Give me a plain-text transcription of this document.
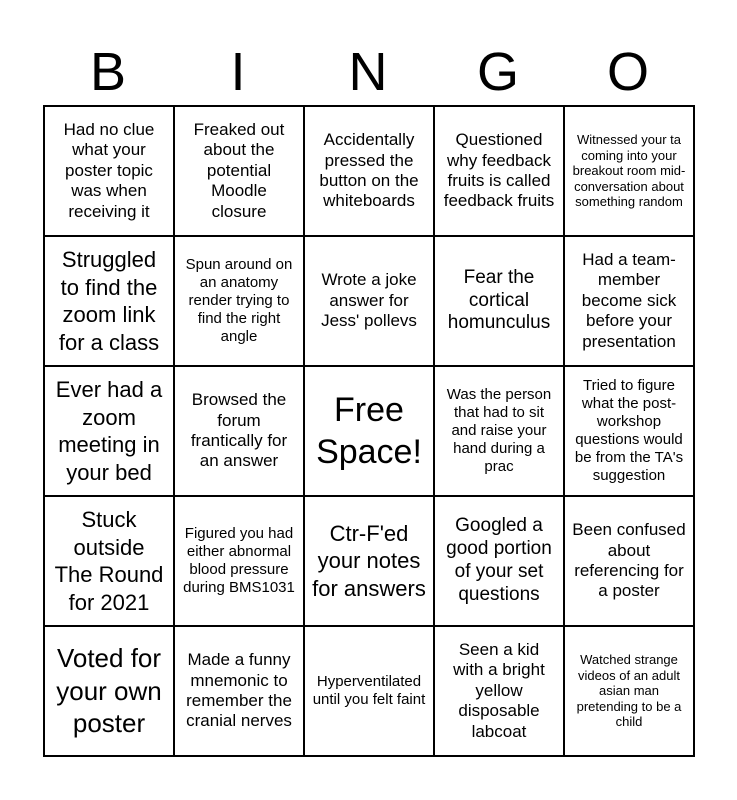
B	I	N	G	O
Had no clue what your poster topic was when receiving it
Freaked out about the potential Moodle closure
Accidentally pressed the button on the whiteboards
Questioned why feedback fruits is called feedback fruits
Witnessed your ta coming into your breakout room mid-conversation about something random
Struggled to find the zoom link for a class
Spun around on an anatomy render trying to find the right angle
Wrote a joke answer for Jess' pollevs
Fear the cortical homunculus
Had a team-member become sick before your presentation
Ever had a zoom meeting in your bed
Browsed the forum frantically for an answer
Free Space!
Was the person that had to sit and raise your hand during a prac
Tried to figure what the post-workshop questions would be from the TA's suggestion
Stuck outside The Round for 2021
Figured you had either abnormal blood pressure during BMS1031
Ctr-F'ed your notes for answers
Googled a good portion of your set questions
Been confused about referencing for a poster
Voted for your own poster
Made a funny mnemonic to remember the cranial nerves
Hyperventilated until you felt faint
Seen a kid with a bright yellow disposable labcoat
Watched strange videos of an adult asian man pretending to be a child
